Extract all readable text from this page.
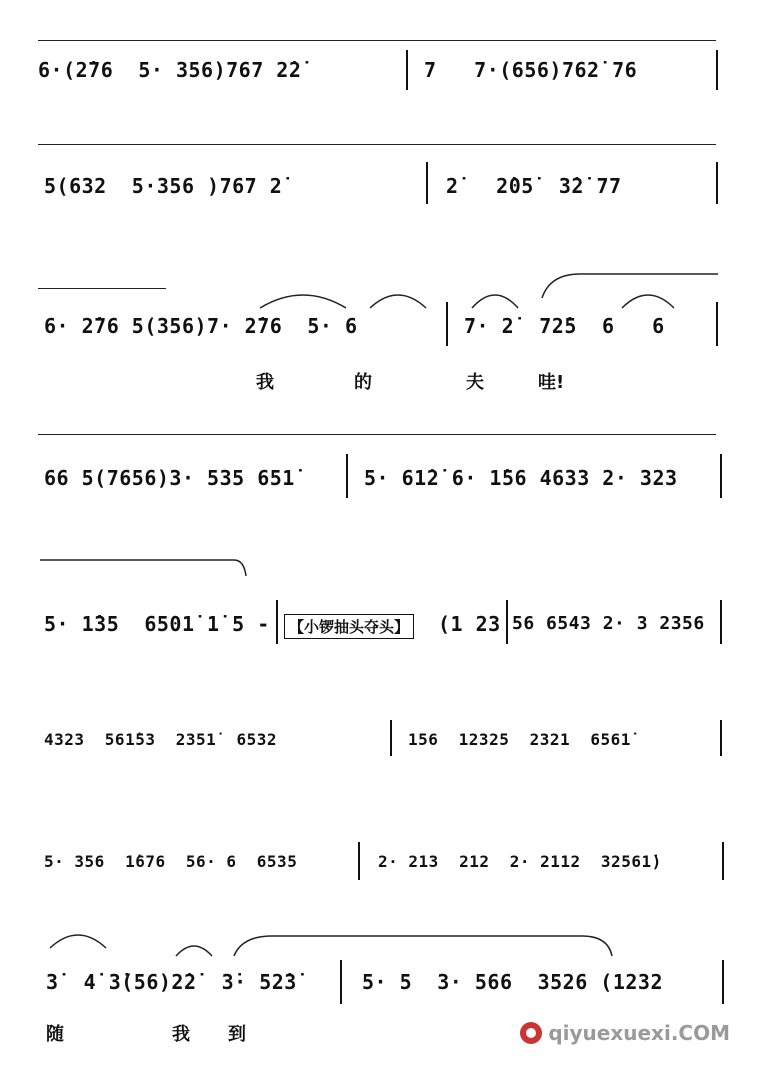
6·(2̇76  5· 356)767 2̇2̇	7   7·(656)762̇ 76
5(632  5·356 )767 2̇	2̇   2̇05̇  3̇2̇ 77
6· 2̇76 5(356)7· 2̇76  5· 6	7· 2̇  72̇5  6   6
我	的	夫	哇!
66 5(7656)3· 535 651̇	5· 61̇2̇ 6· 1̇56 4633 2· 323
5· 1̇35  6501̇ 1̇ 5 -	【小锣抽头夺头】 (1 23 56 6543 2· 3 2356
4323  561̇53  2351̇  6532	156  12325  2321  6561̇
5· 356  1̇676  56· 6  6535	2· 213  212  2· 2112  32561̇)
3̇  4̇ 3̇(56)2̇2̇  3̇· 52̇3̇	5· 5  3· 566  3526 (1232
随	我 到	qiyuexuexi.COM
